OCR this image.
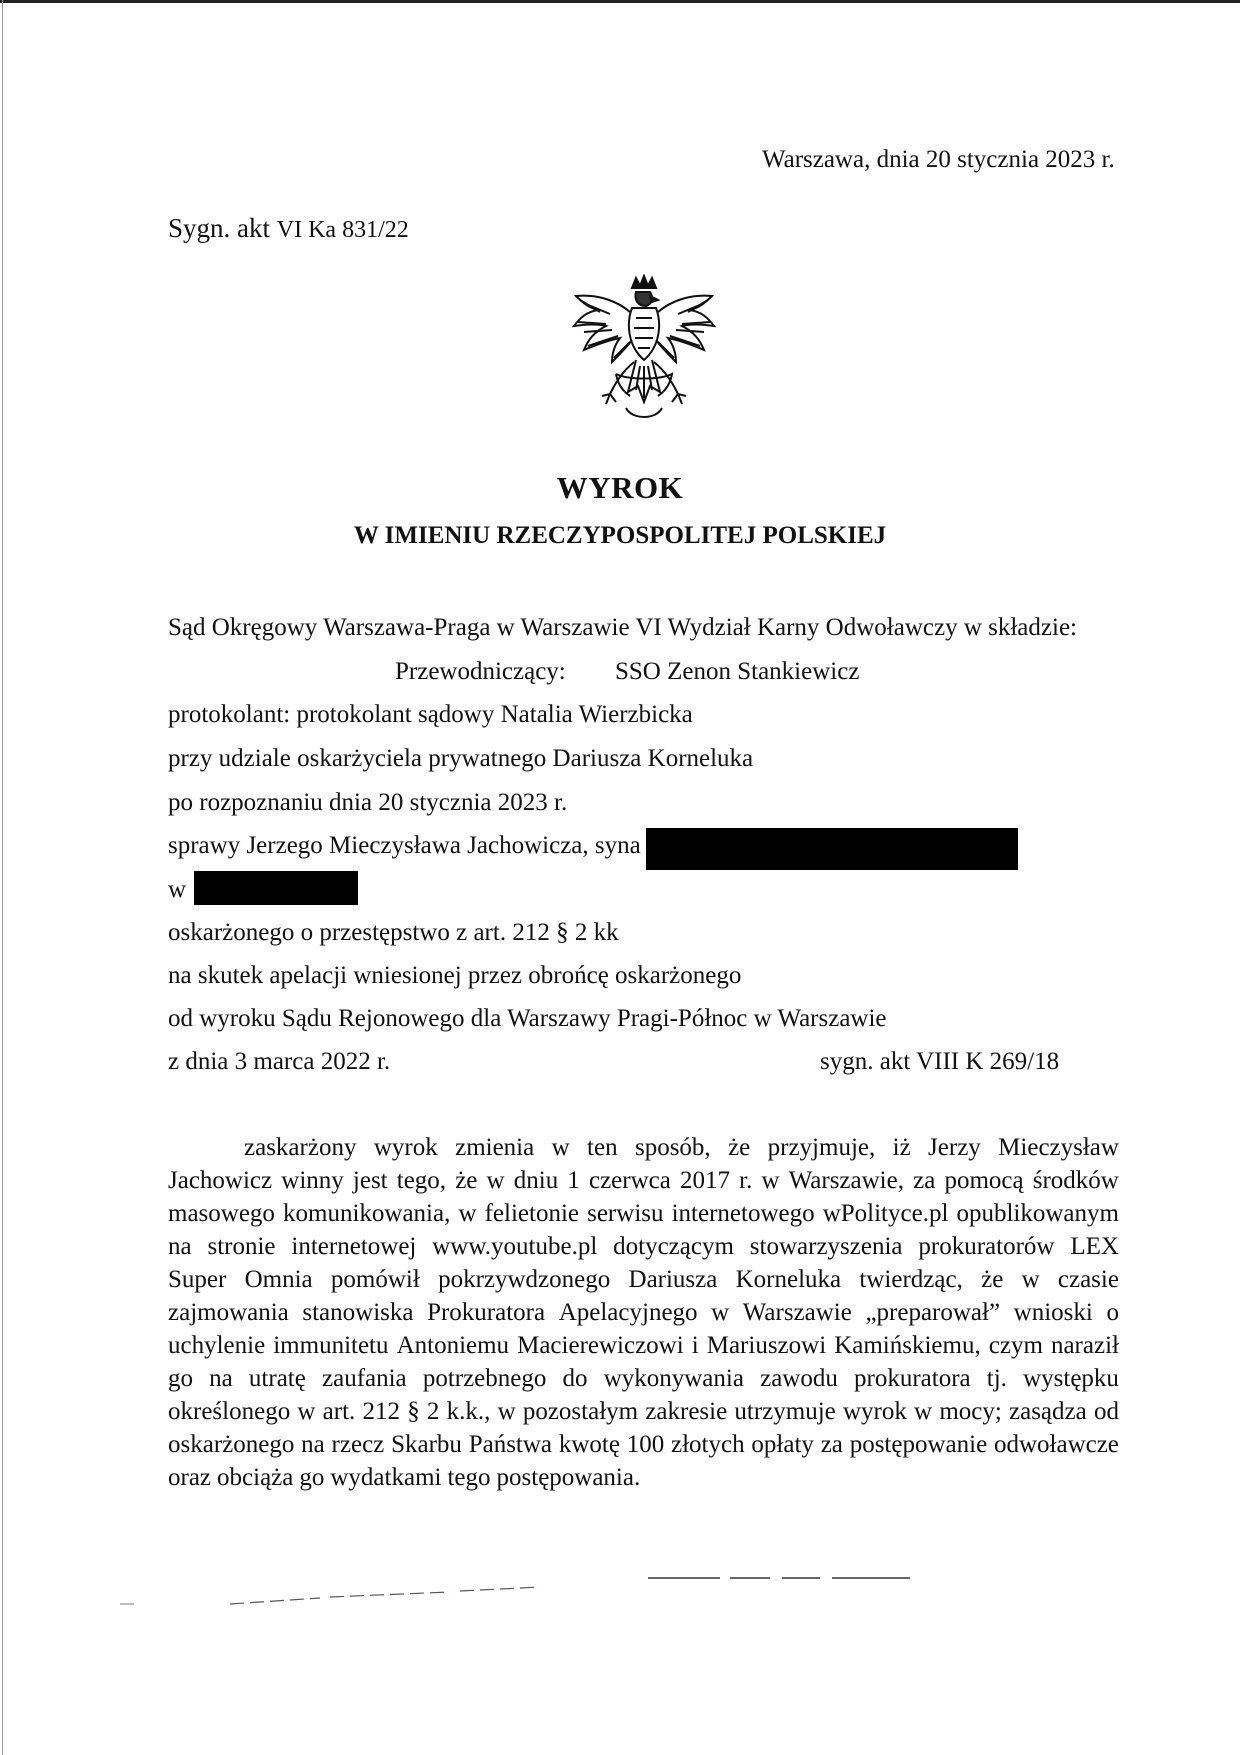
Warszawa, dnia 20 stycznia 2023 r.
Sygn. akt VI Ka 831/22
WYROK
W IMIENIU RZECZYPOSPOLITEJ POLSKIEJ
Sąd Okręgowy Warszawa-Praga w Warszawie VI Wydział Karny Odwoławczy w składzie:
Przewodniczący: SSO Zenon Stankiewicz
protokolant: protokolant sądowy Natalia Wierzbicka
przy udziale oskarżyciela prywatnego Dariusza Korneluka
po rozpoznaniu dnia 20 stycznia 2023 r.
sprawy Jerzego Mieczysława Jachowicza, syna
w
oskarżonego o przestępstwo z art. 212 § 2 kk
na skutek apelacji wniesionej przez obrońcę oskarżonego
od wyroku Sądu Rejonowego dla Warszawy Pragi-Północ w Warszawie
z dnia 3 marca 2022 r.	sygn. akt VIII K 269/18
zaskarżony wyrok zmienia w ten sposób, że przyjmuje, iż Jerzy Mieczysław
Jachowicz winny jest tego, że w dniu 1 czerwca 2017 r. w Warszawie, za pomocą środków
masowego komunikowania, w felietonie serwisu internetowego wPolityce.pl opublikowanym
na stronie internetowej www.youtube.pl dotyczącym stowarzyszenia prokuratorów LEX
Super Omnia pomówił pokrzywdzonego Dariusza Korneluka twierdząc, że w czasie
zajmowania stanowiska Prokuratora Apelacyjnego w Warszawie „preparował” wnioski o
uchylenie immunitetu Antoniemu Macierewiczowi i Mariuszowi Kamińskiemu, czym naraził
go na utratę zaufania potrzebnego do wykonywania zawodu prokuratora tj. występku
określonego w art. 212 § 2 k.k., w pozostałym zakresie utrzymuje wyrok w mocy; zasądza od
oskarżonego na rzecz Skarbu Państwa kwotę 100 złotych opłaty za postępowanie odwoławcze
oraz obciąża go wydatkami tego postępowania.
